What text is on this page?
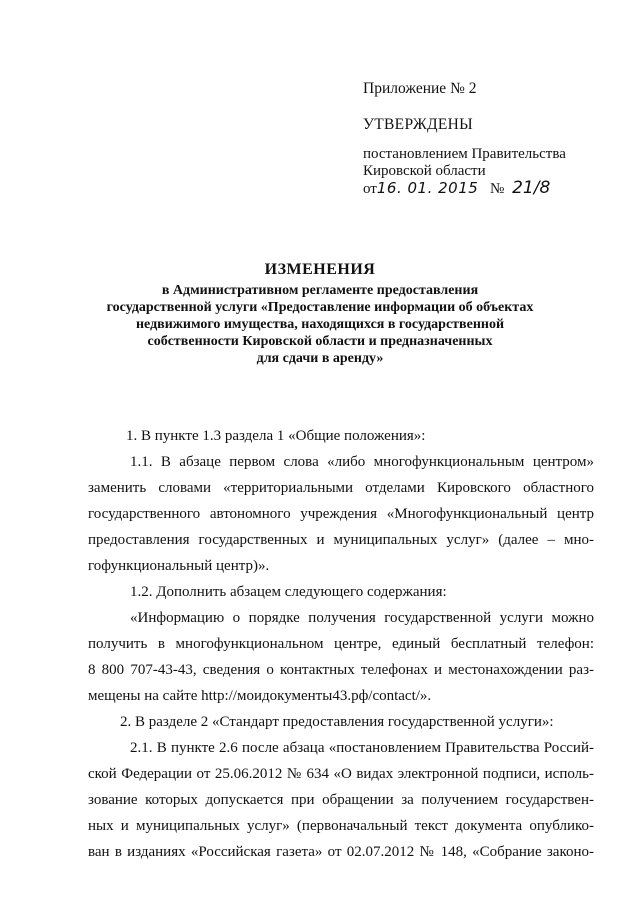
Приложение № 2
УТВЕРЖДЕНЫ
постановлением Правительства
Кировской области
от16. 01. 2015 № 21/8
ИЗМЕНЕНИЯ
в Административном регламенте предоставления
государственной услуги «Предоставление информации об объектах
недвижимого имущества, находящихся в государственной
собственности Кировской области и предназначенных
для сдачи в аренду»
1. В пункте 1.3 раздела 1 «Общие положения»:
1.1. В абзаце первом слова «либо многофункциональным центром»
заменить словами «территориальными отделами Кировского областного
государственного автономного учреждения «Многофункциональный центр
предоставления государственных и муниципальных услуг» (далее – мно-
гофункциональный центр)».
1.2. Дополнить абзацем следующего содержания:
«Информацию о порядке получения государственной услуги можно
получить в многофункциональном центре, единый бесплатный телефон:
8 800 707-43-43, сведения о контактных телефонах и местонахождении раз-
мещены на сайте http://мoидокументы43.рф/contact/».
2. В разделе 2 «Стандарт предоставления государственной услуги»:
2.1. В пункте 2.6 после абзаца «постановлением Правительства Россий-
ской Федерации от 25.06.2012 № 634 «О видах электронной подписи, исполь-
зование которых допускается при обращении за получением государствен-
ных и муниципальных услуг» (первоначальный текст документа опублико-
ван в изданиях «Российская газета» от 02.07.2012 № 148, «Собрание законо-
